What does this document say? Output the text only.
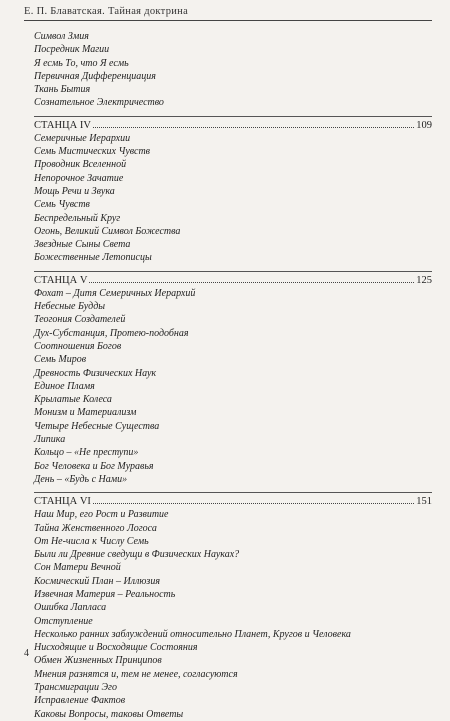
Е. П. Блаватская. Тайная доктрина
Символ Змия
Посредник Магии
Я есмь То, что Я есмь
Первичная Дифференциация
Ткань Бытия
Сознательное Электричество
СТАНЦА IV	109
Семеричные Иерархии
Семь Мистических Чувств
Проводник Вселенной
Непорочное Зачатие
Мощь Речи и Звука
Семь Чувств
Беспредельный Круг
Огонь, Великий Символ Божества
Звездные Сыны Света
Божественные Летописцы
СТАНЦА V	125
Фохат – Дитя Семеричных Иерархий
Небесные Будды
Теогония Создателей
Дух-Субстанция, Протею-подобная
Соотношения Богов
Семь Миров
Древность Физических Наук
Единое Пламя
Крылатые Колеса
Монизм и Материализм
Четыре Небесные Существа
Липика
Кольцо – «Не преступи»
Бог Человека и Бог Муравья
День – «Будь с Нами»
СТАНЦА VI	151
Наш Мир, его Рост и Развитие
Тайна Женственного Логоса
От Не-числа к Числу Семь
Были ли Древние сведущи в Физических Науках?
Сон Матери Вечной
Космический План – Иллюзия
Извечная Материя – Реальность
Ошибка Лапласа
Отступление
Несколько ранних заблуждений относительно Планет, Кругов и Человека
Нисходящие и Восходящие Состояния
Обмен Жизненных Принципов
Мнения разнятся и, тем не менее, согласуются
Трансмиграции Эго
Исправление Фактов
Каковы Вопросы, таковы Ответы
4
